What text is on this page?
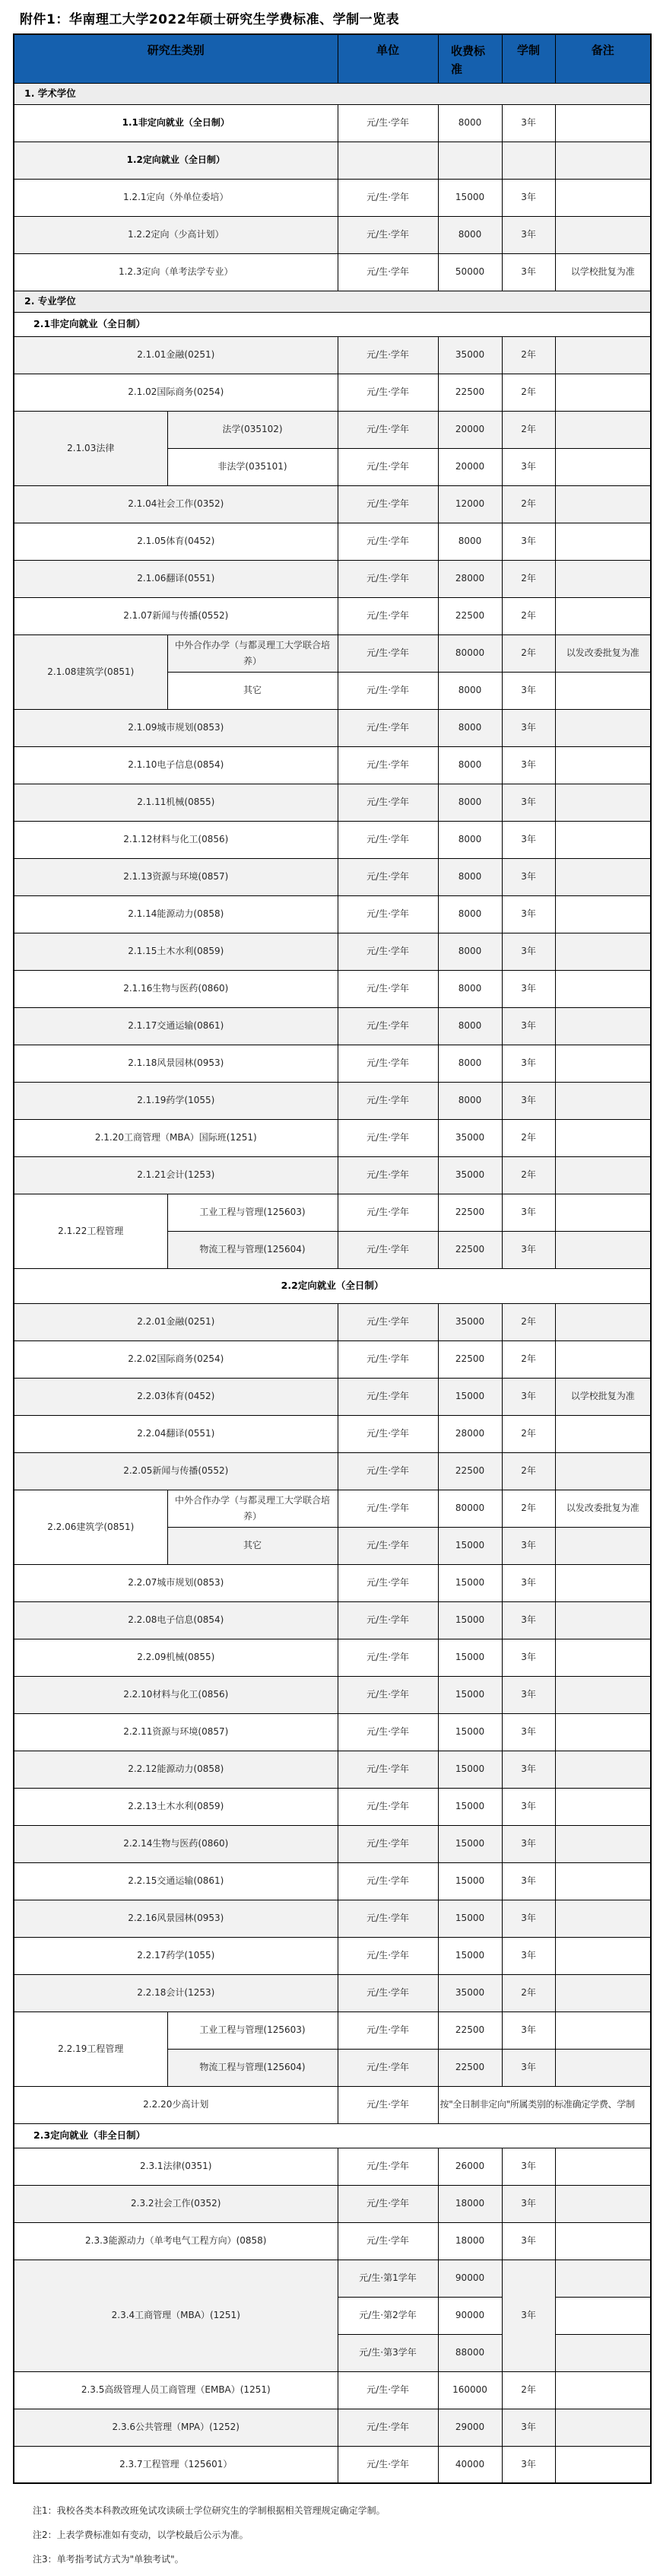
附件1：华南理工大学2022年硕士研究生学费标准、学制一览表
研究生类别		单位	收费标准	学制	备注
1. 学术学位					
1.1非定向就业（全日制）		元/生·学年	8000	3年	
1.2定向就业（全日制）					
1.2.1定向（外单位委培）		元/生·学年	15000	3年	
1.2.2定向（少高计划）		元/生·学年	8000	3年	
1.2.3定向（单考法学专业）		元/生·学年	50000	3年	以学校批复为准
2. 专业学位					
2.1非定向就业（全日制）					
2.1.01金融(0251)		元/生·学年	35000	2年	
2.1.02国际商务(0254)		元/生·学年	22500	2年	
2.1.03法律	法学(035102)	元/生·学年	20000	2年	
	非法学(035101)	元/生·学年	20000	3年	
2.1.04社会工作(0352)		元/生·学年	12000	2年	
2.1.05体育(0452)		元/生·学年	8000	3年	
2.1.06翻译(0551)		元/生·学年	28000	2年	
2.1.07新闻与传播(0552)		元/生·学年	22500	2年	
2.1.08建筑学(0851)	中外合作办学（与都灵理工大学联合培养）	元/生·学年	80000	2年	以发改委批复为准
	其它	元/生·学年	8000	3年	
2.1.09城市规划(0853)		元/生·学年	8000	3年	
2.1.10电子信息(0854)		元/生·学年	8000	3年	
2.1.11机械(0855)		元/生·学年	8000	3年	
2.1.12材料与化工(0856)		元/生·学年	8000	3年	
2.1.13资源与环境(0857)		元/生·学年	8000	3年	
2.1.14能源动力(0858)		元/生·学年	8000	3年	
2.1.15土木水利(0859)		元/生·学年	8000	3年	
2.1.16生物与医药(0860)		元/生·学年	8000	3年	
2.1.17交通运输(0861)		元/生·学年	8000	3年	
2.1.18风景园林(0953)		元/生·学年	8000	3年	
2.1.19药学(1055)		元/生·学年	8000	3年	
2.1.20工商管理（MBA）国际班(1251)		元/生·学年	35000	2年	
2.1.21会计(1253)		元/生·学年	35000	2年	
2.1.22工程管理	工业工程与管理(125603)	元/生·学年	22500	3年	
	物流工程与管理(125604)	元/生·学年	22500	3年	
2.2定向就业（全日制）					
2.2.01金融(0251)		元/生·学年	35000	2年	
2.2.02国际商务(0254)		元/生·学年	22500	2年	
2.2.03体育(0452)		元/生·学年	15000	3年	以学校批复为准
2.2.04翻译(0551)		元/生·学年	28000	2年	
2.2.05新闻与传播(0552)		元/生·学年	22500	2年	
2.2.06建筑学(0851)	中外合作办学（与都灵理工大学联合培养）	元/生·学年	80000	2年	以发改委批复为准
	其它	元/生·学年	15000	3年	
2.2.07城市规划(0853)		元/生·学年	15000	3年	
2.2.08电子信息(0854)		元/生·学年	15000	3年	
2.2.09机械(0855)		元/生·学年	15000	3年	
2.2.10材料与化工(0856)		元/生·学年	15000	3年	
2.2.11资源与环境(0857)		元/生·学年	15000	3年	
2.2.12能源动力(0858)		元/生·学年	15000	3年	
2.2.13土木水利(0859)		元/生·学年	15000	3年	
2.2.14生物与医药(0860)		元/生·学年	15000	3年	
2.2.15交通运输(0861)		元/生·学年	15000	3年	
2.2.16风景园林(0953)		元/生·学年	15000	3年	
2.2.17药学(1055)		元/生·学年	15000	3年	
2.2.18会计(1253)		元/生·学年	35000	2年	
2.2.19工程管理	工业工程与管理(125603)	元/生·学年	22500	3年	
	物流工程与管理(125604)	元/生·学年	22500	3年	
2.2.20少高计划		元/生·学年	按"全日制非定向"所属类别的标准确定学费、学制		
2.3定向就业（非全日制）					
2.3.1法律(0351)		元/生·学年	26000	3年	
2.3.2社会工作(0352)		元/生·学年	18000	3年	
2.3.3能源动力（单考电气工程方向）(0858)		元/生·学年	18000	3年	
2.3.4工商管理（MBA）(1251)		元/生·第1学年	90000	3年	
		元/生·第2学年	90000		
		元/生·第3学年	88000		
2.3.5高级管理人员工商管理（EMBA）(1251)		元/生·学年	160000	2年	
2.3.6公共管理（MPA）(1252)		元/生·学年	29000	3年	
2.3.7工程管理（125601）		元/生·学年	40000	3年	
注1：我校各类本科教改班免试攻读硕士学位研究生的学制根据相关管理规定确定学制。
注2：上表学费标准如有变动，以学校最后公示为准。
注3：单考指考试方式为"单独考试"。
